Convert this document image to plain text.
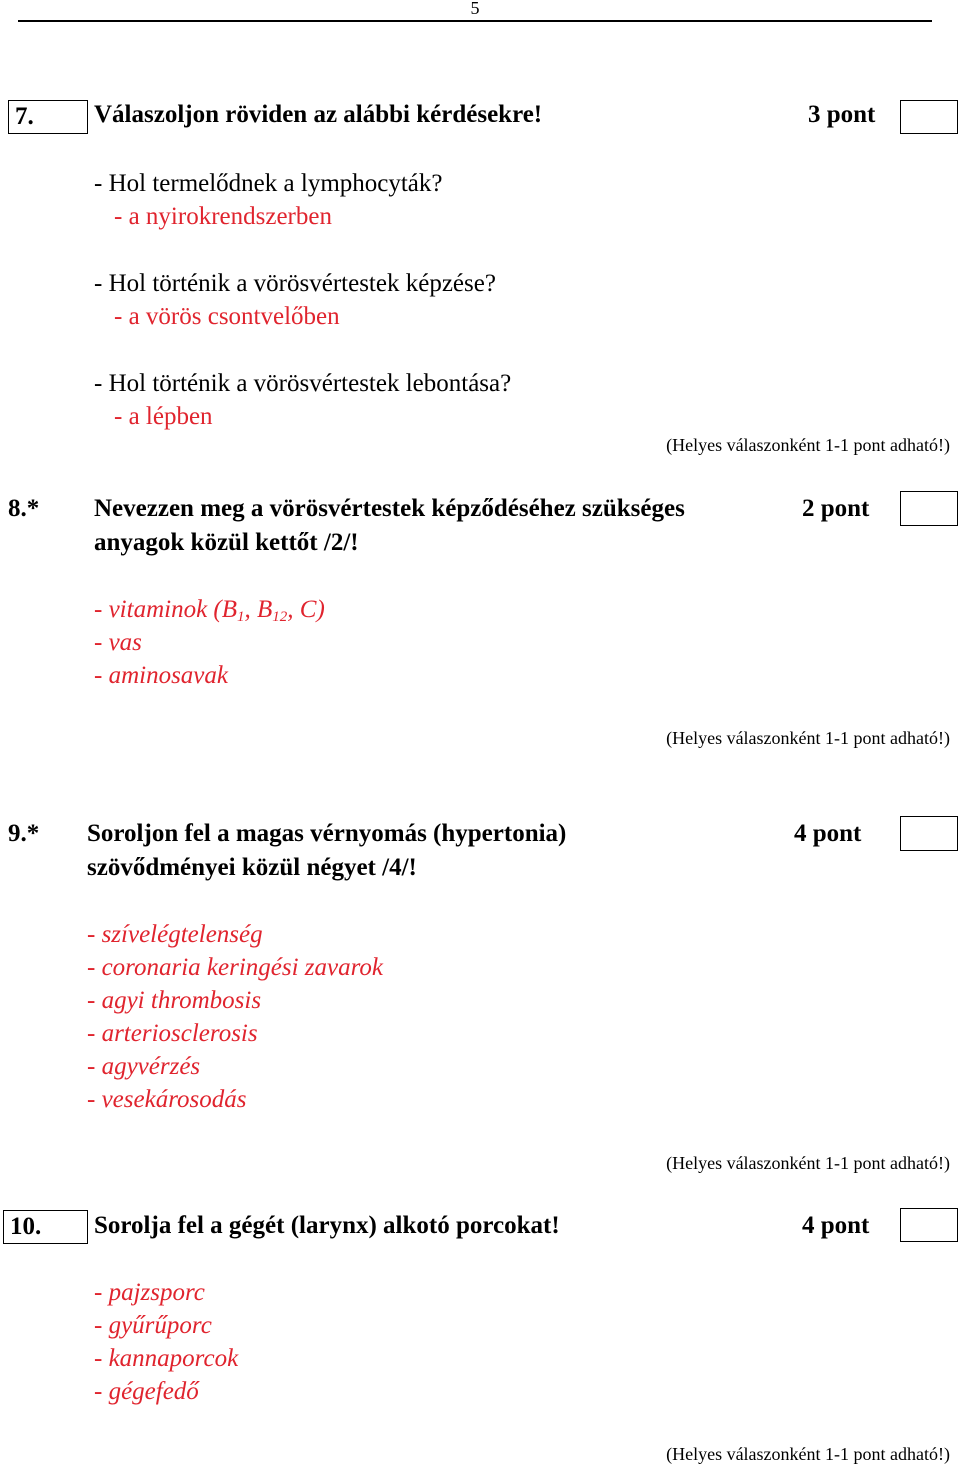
5
7.	Válaszoljon röviden az alábbi kérdésekre!	3 pont
- Hol termelődnek a lymphocyták?
- a nyirokrendszerben
- Hol történik a vörösvértestek képzése?
- a vörös csontvelőben
- Hol történik a vörösvértestek lebontása?
- a lépben
(Helyes válaszonként 1-1 pont adható!)
8.* Nevezzen meg a vörösvértestek képződéséhez szükséges
anyagok közül kettőt /2/!
2 pont
- vitaminok ($B_1$, $B_{12}$, C)
- vas
- aminosavak
(Helyes válaszonként 1-1 pont adható!)
9.* Soroljon fel a magas vérnyomás (hypertonia)
szövődményei közül négyet /4/!
4 pont
- szívelégtelenség
- coronaria keringési zavarok
- agyi thrombosis
- arteriosclerosis
- agyvérzés
- vesekárosodás
(Helyes válaszonként 1-1 pont adható!)
10.	Sorolja fel a gégét (larynx) alkotó porcokat!	4 pont
- pajzsporc
- gyűrűporc
- kannaporcok
- gégefedő
(Helyes válaszonként 1-1 pont adható!)
